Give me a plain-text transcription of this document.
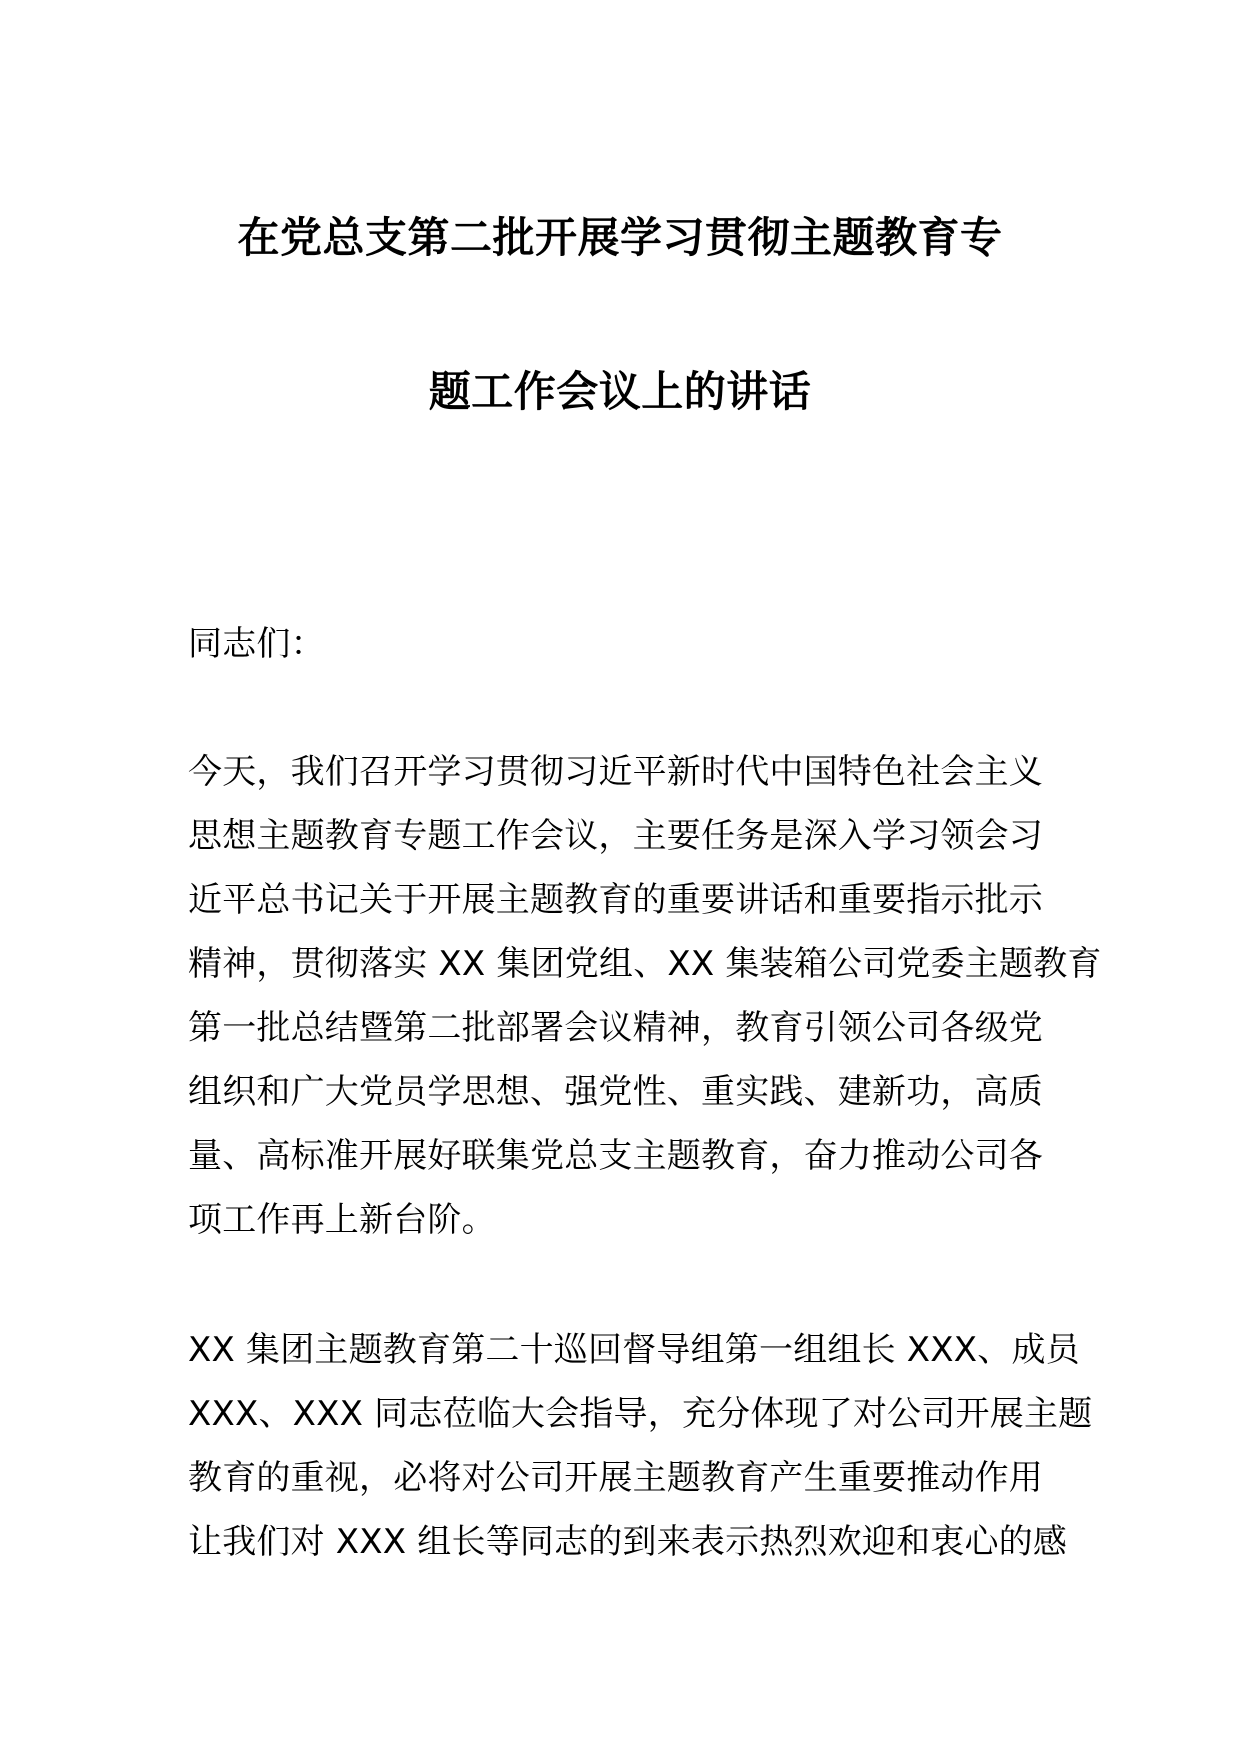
在党总支第二批开展学习贯彻主题教育专
题工作会议上的讲话
同志们：
今天，我们召开学习贯彻习近平新时代中国特色社会主义
思想主题教育专题工作会议，主要任务是深入学习领会习
近平总书记关于开展主题教育的重要讲话和重要指示批示
精神，贯彻落实 XX 集团党组、XX 集装箱公司党委主题教育
第一批总结暨第二批部署会议精神，教育引领公司各级党
组织和广大党员学思想、强党性、重实践、建新功，高质
量、高标准开展好联集党总支主题教育，奋力推动公司各
项工作再上新台阶。
XX 集团主题教育第二十巡回督导组第一组组长 XXX、成员
XXX、XXX 同志莅临大会指导，充分体现了对公司开展主题
教育的重视，必将对公司开展主题教育产生重要推动作用
让我们对 XXX 组长等同志的到来表示热烈欢迎和衷心的感
